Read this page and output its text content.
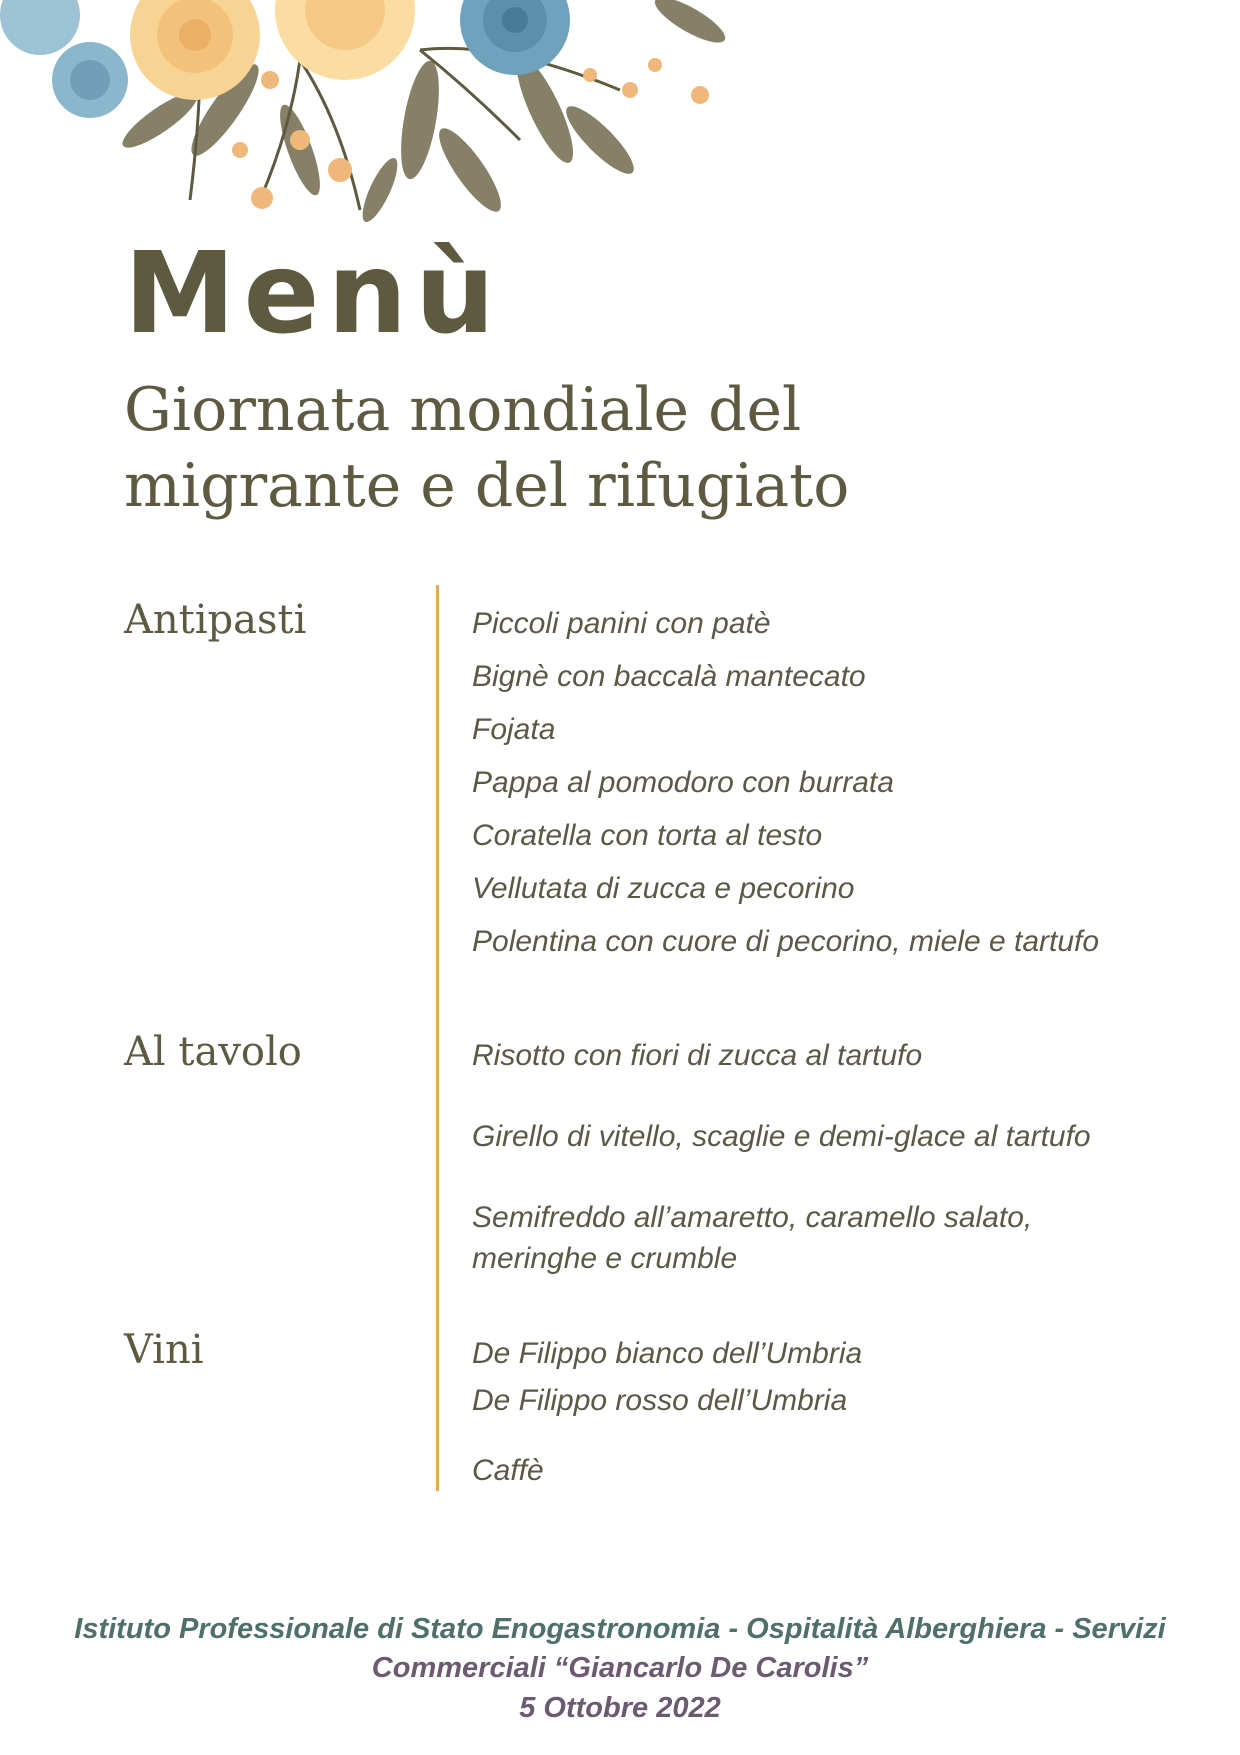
Menù
Giornata mondiale del
migrante e del rifugiato
Antipasti	Piccoli panini con patè

Bignè con baccalà mantecato

Fojata

Pappa al pomodoro con burrata

Coratella con torta al testo

Vellutata di zucca e pecorino

Polentina con cuore di pecorino, miele e tartufo

Al tavolo	Risotto con fiori di zucca al tartufo

Girello di vitello, scaglie e demi-glace al tartufo

Semifreddo all’amaretto, caramello salato,

meringhe e crumble

Vini	De Filippo bianco dell’Umbria

De Filippo rosso dell’Umbria

Caffè

Istituto Professionale di Stato Enogastronomia - Ospitalità Alberghiera - Servizi
Commerciali “Giancarlo De Carolis”
5 Ottobre 2022
